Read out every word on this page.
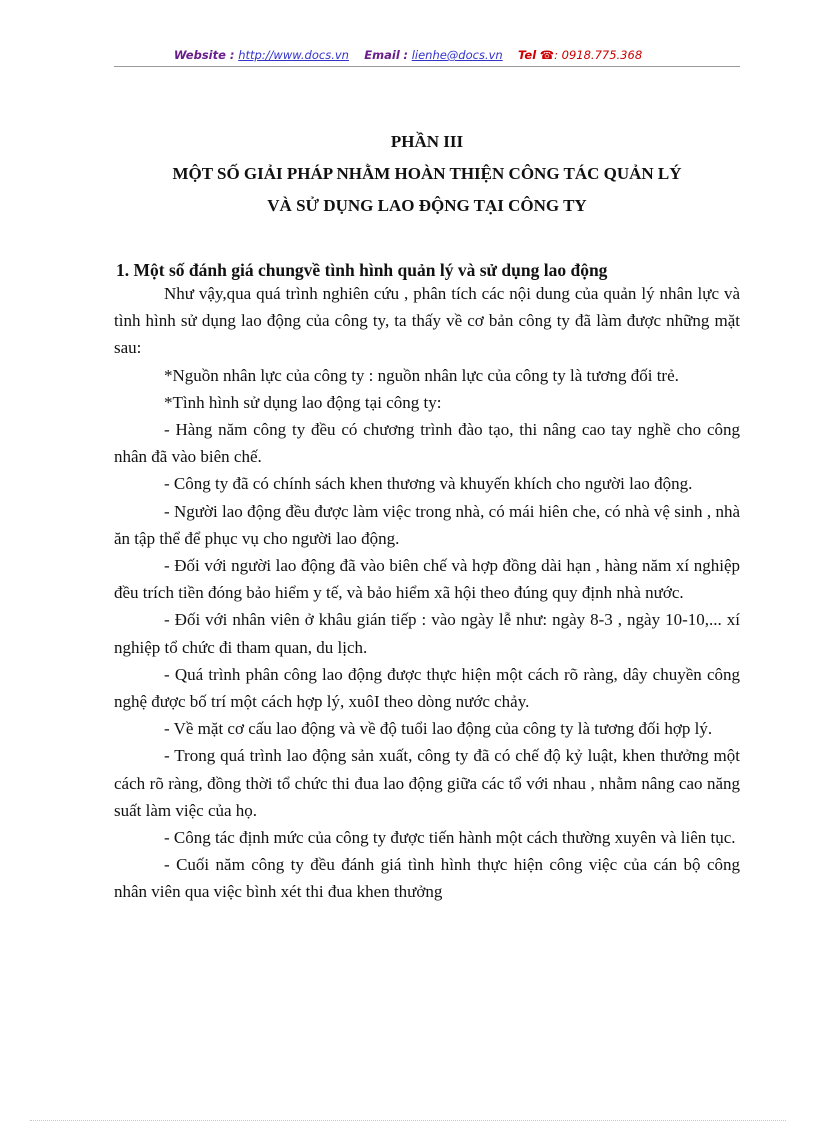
Website : http://www.docs.vn Email : lienhe@docs.vn Tel ☎: 0918.775.368
PHẦN III
MỘT SỐ GIẢI PHÁP NHẰM HOÀN THIỆN CÔNG TÁC QUẢN LÝ
VÀ SỬ DỤNG LAO ĐỘNG TẠI CÔNG TY
1. Một số đánh giá chungvề tình hình quản lý và sử dụng lao động

Như vậy,qua quá trình nghiên cứu , phân tích các nội dung của quản lý nhân lực và tình hình sử dụng lao động của công ty, ta thấy về cơ bản công ty đã làm được những mặt sau:

*Nguồn nhân lực của công ty : nguồn nhân lực của công ty là tương đối trẻ.

*Tình hình sử dụng lao động tại công ty:

- Hàng năm công ty đều có chương trình đào tạo, thi nâng cao tay nghề cho công nhân đã vào biên chế.

- Công ty đã có chính sách khen thương và khuyến khích cho người lao động.

- Người lao động đều được làm việc trong nhà, có mái hiên che, có nhà vệ sinh , nhà ăn tập thể để phục vụ cho người lao động.

- Đối với người lao động đã vào biên chế và hợp đồng dài hạn , hàng năm xí nghiệp đều trích tiền đóng bảo hiểm y tế, và bảo hiểm xã hội theo đúng quy định nhà nước.

- Đối với nhân viên ở khâu gián tiếp : vào ngày lễ như: ngày 8-3 , ngày 10-10,... xí nghiệp tổ chức đi tham quan, du lịch.

- Quá trình phân công lao động được thực hiện một cách rõ ràng, dây chuyền công nghệ được bố trí một cách hợp lý, xuôI theo dòng nước chảy.

- Về mặt cơ cấu lao động và về độ tuổi lao động của công ty là tương đối hợp lý.

- Trong quá trình lao động sản xuất, công ty đã có chế độ kỷ luật, khen thưởng một cách rõ ràng, đồng thời tổ chức thi đua lao động giữa các tổ với nhau , nhằm nâng cao năng suất làm việc của họ.

- Công tác định mức của công ty được tiến hành một cách thường xuyên và liên tục.

- Cuối năm công ty đều đánh giá tình hình thực hiện công việc của cán bộ công nhân viên qua việc bình xét thi đua khen thưởng
